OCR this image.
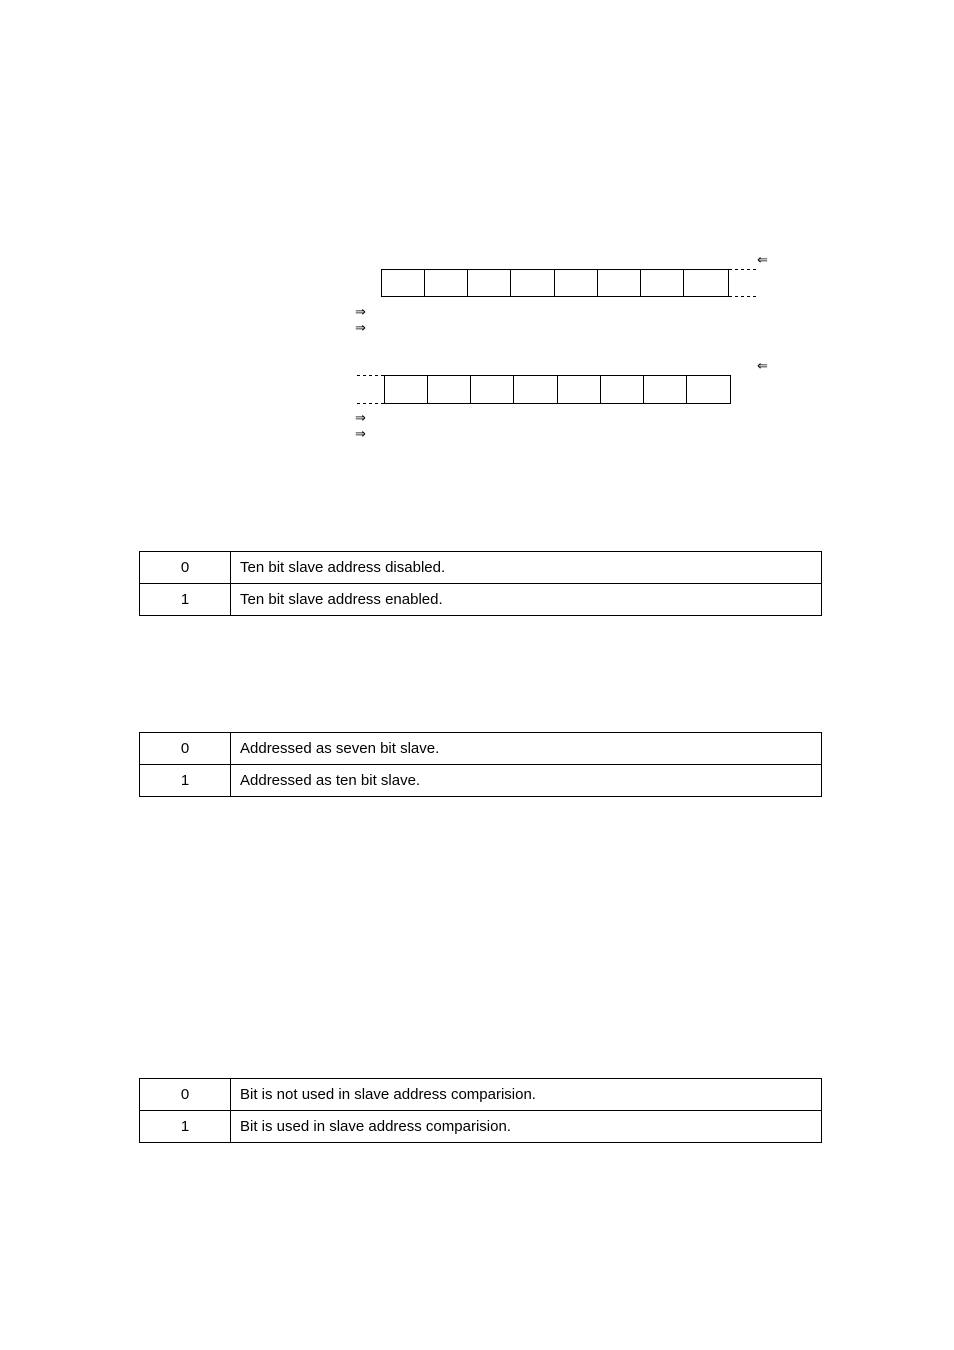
⇐
⇒
⇒
⇐
⇒
⇒
0	Ten bit slave address disabled.
1	Ten bit slave address enabled.
0	Addressed as seven bit slave.
1	Addressed as ten bit slave.
0	Bit is not used in slave address comparision.
1	Bit is used in slave address comparision.
